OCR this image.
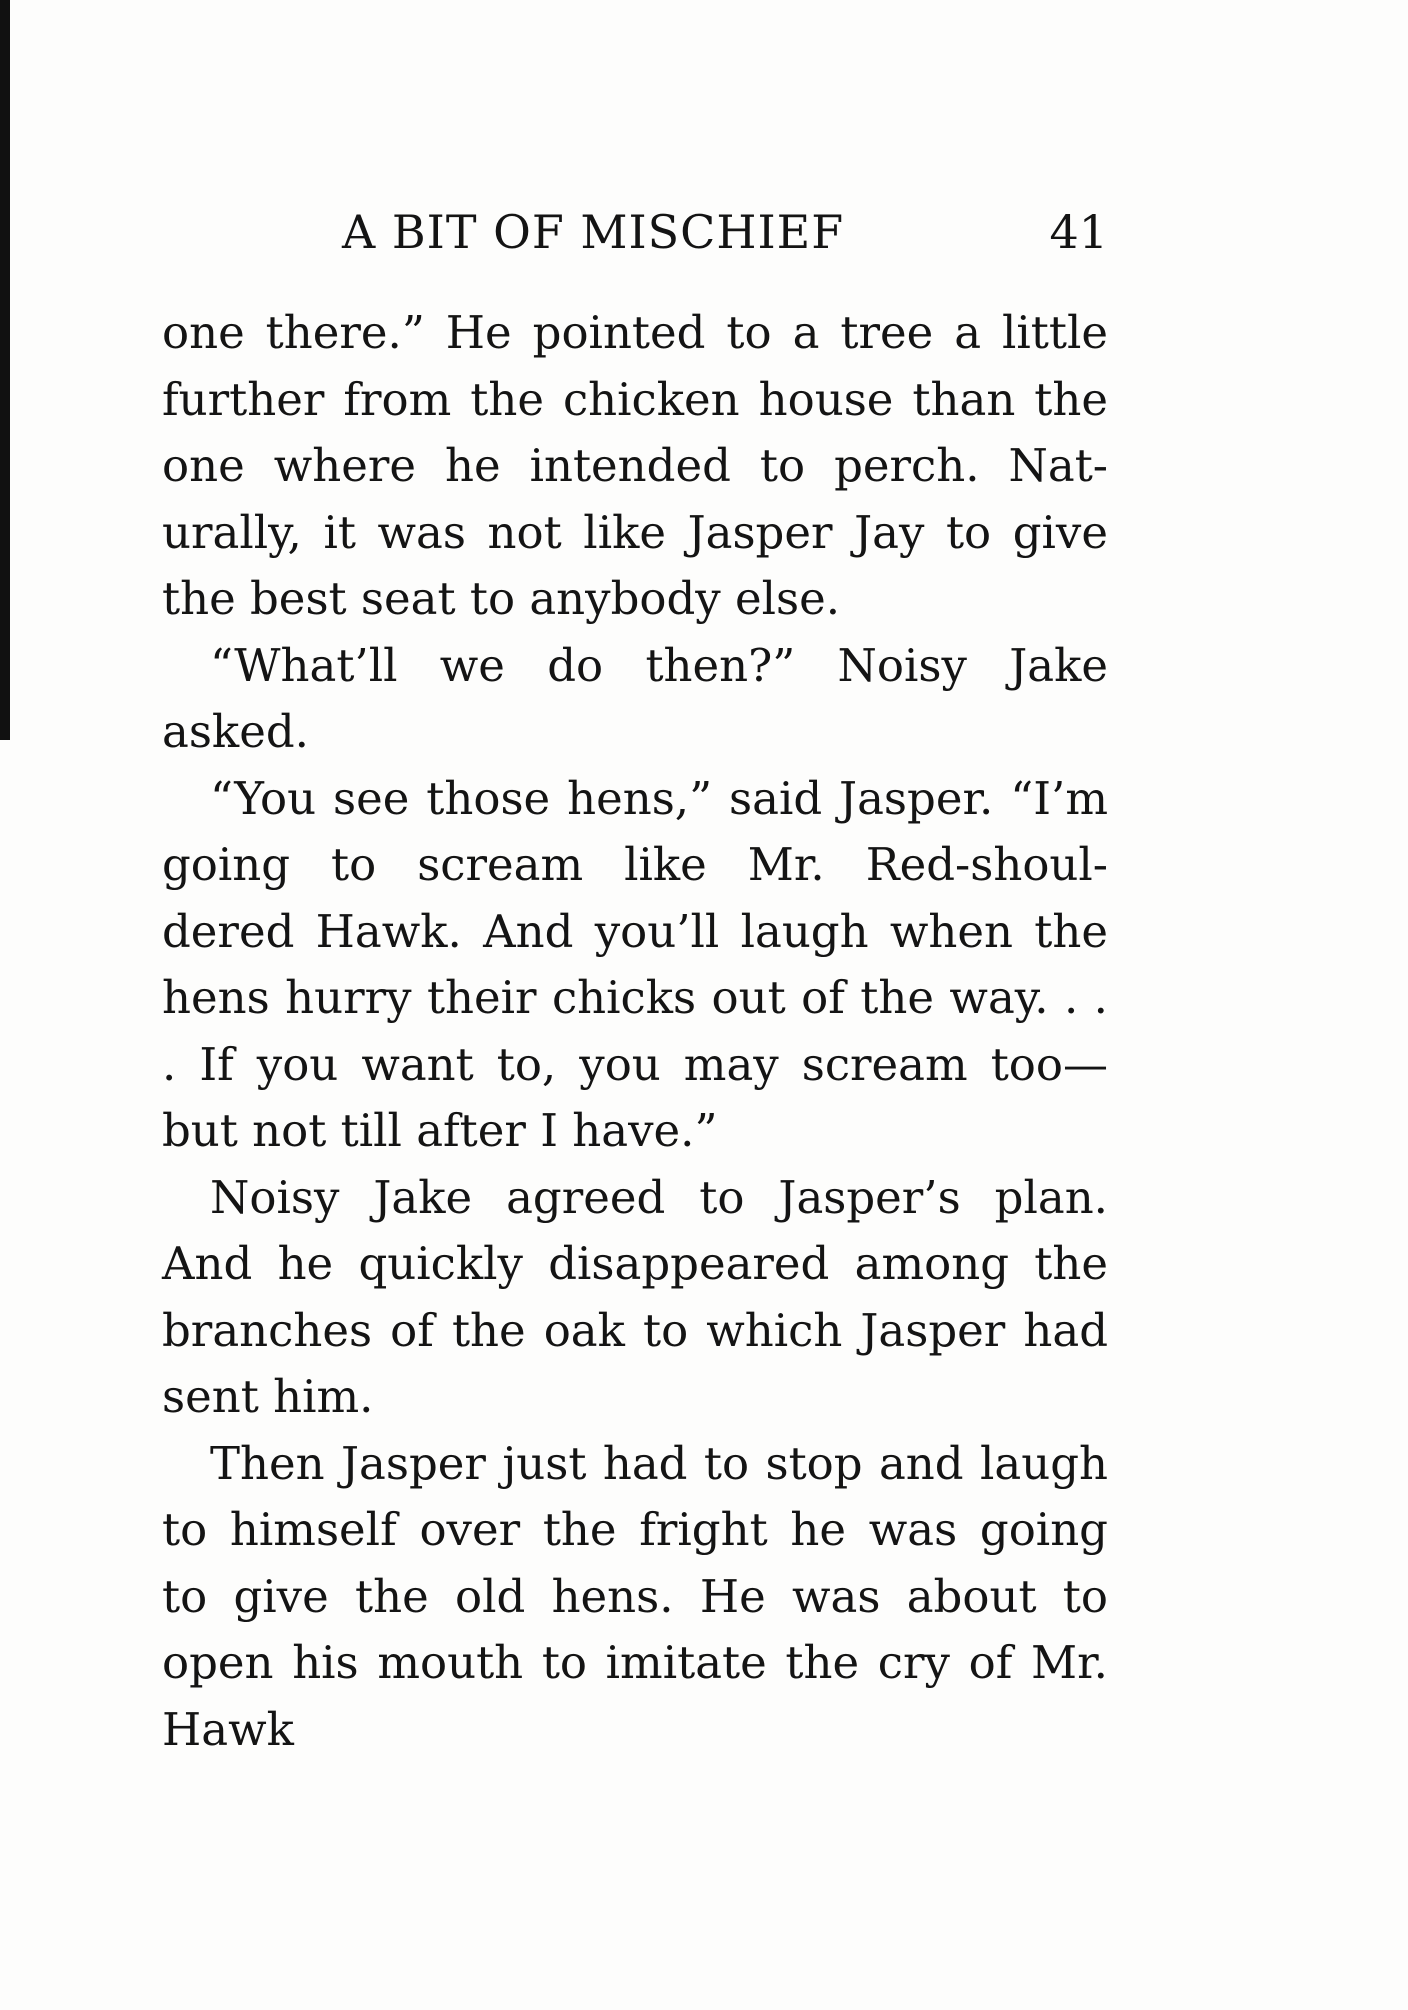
A BIT OF MISCHIEF	41

one there.” He pointed to a tree a little further from the chicken house than the one where he intended to perch. Nat- urally, it was not like Jasper Jay to give the best seat to anybody else.

“What’ll we do then?” Noisy Jake asked.

“You see those hens,” said Jasper. “I’m going to scream like Mr. Red-shoul- dered Hawk. And you’ll laugh when the hens hurry their chicks out of the way. . . . If you want to, you may scream too—but not till after I have.”

Noisy Jake agreed to Jasper’s plan. And he quickly disappeared among the branches of the oak to which Jasper had sent him.

Then Jasper just had to stop and laugh to himself over the fright he was going to give the old hens. He was about to open his mouth to imitate the cry of Mr. Hawk
